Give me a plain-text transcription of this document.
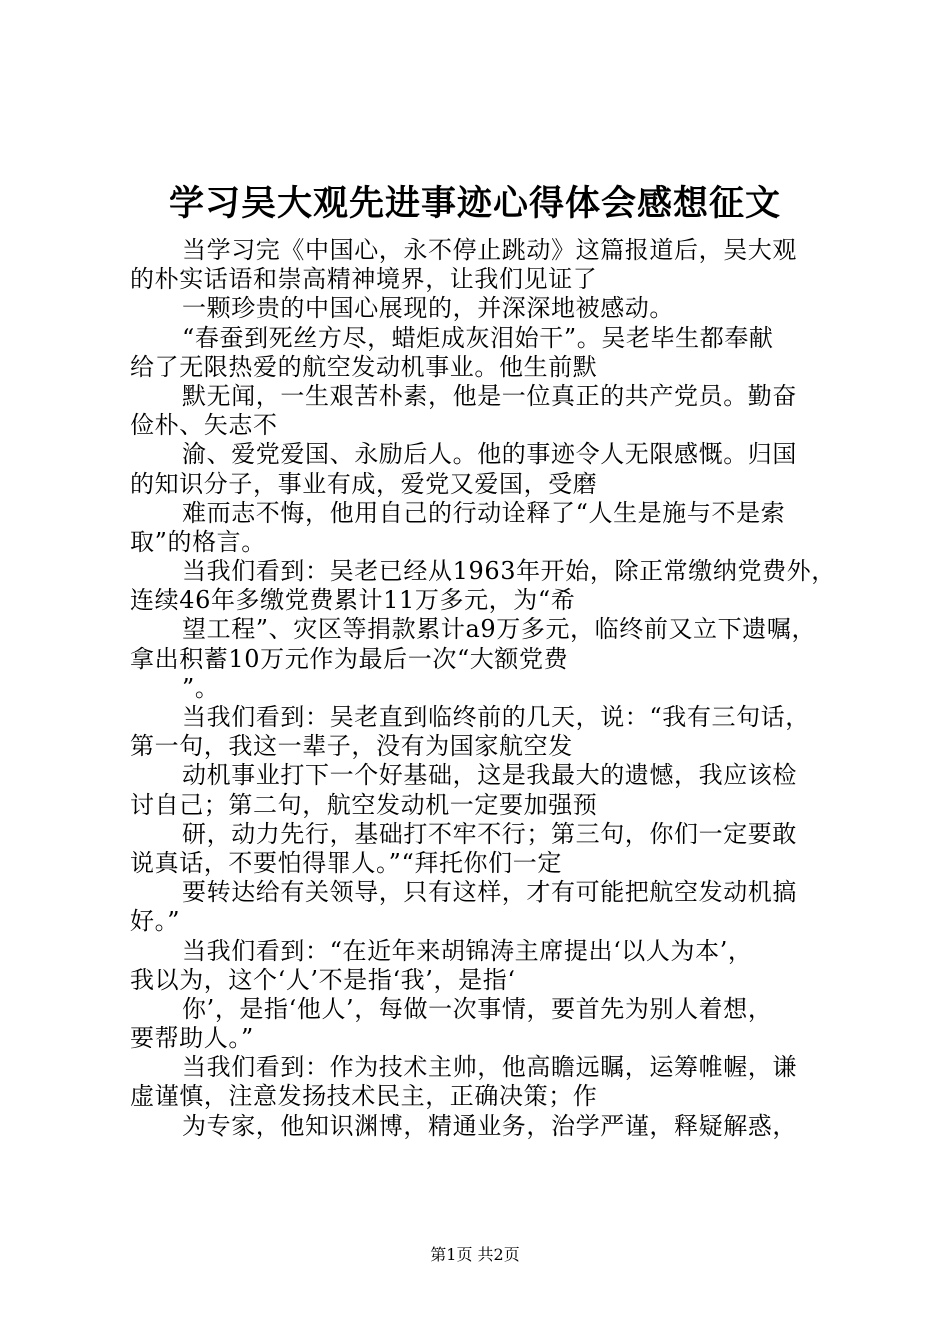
学习吴大观先进事迹心得体会感想征文
当学习完《中国心，永不停止跳动》这篇报道后，吴大观
的朴实话语和崇高精神境界，让我们见证了
一颗珍贵的中国心展现的，并深深地被感动。
“春蚕到死丝方尽，蜡炬成灰泪始干”。吴老毕生都奉献
给了无限热爱的航空发动机事业。他生前默
默无闻，一生艰苦朴素，他是一位真正的共产党员。勤奋
俭朴、矢志不
渝、爱党爱国、永励后人。他的事迹令人无限感慨。归国
的知识分子，事业有成，爱党又爱国，受磨
难而志不悔，他用自己的行动诠释了“人生是施与不是索
取”的格言。
当我们看到：吴老已经从1963年开始，除正常缴纳党费外，
连续46年多缴党费累计11万多元，为“希
望工程”、灾区等捐款累计a9万多元，临终前又立下遗嘱，
拿出积蓄10万元作为最后一次“大额党费
”。
当我们看到：吴老直到临终前的几天，说：“我有三句话，
第一句，我这一辈子，没有为国家航空发
动机事业打下一个好基础，这是我最大的遗憾，我应该检
讨自己；第二句，航空发动机一定要加强预
研，动力先行，基础打不牢不行；第三句，你们一定要敢
说真话，不要怕得罪人。”“拜托你们一定
要转达给有关领导，只有这样，才有可能把航空发动机搞
好。”
当我们看到：“在近年来胡锦涛主席提出‘以人为本’，
我以为，这个‘人’不是指‘我’，是指‘
你’，是指‘他人’，每做一次事情，要首先为别人着想，
要帮助人。”
当我们看到：作为技术主帅，他高瞻远瞩，运筹帷幄，谦
虚谨慎，注意发扬技术民主，正确决策；作
为专家，他知识渊博，精通业务，治学严谨，释疑解惑，
第1页 共2页
